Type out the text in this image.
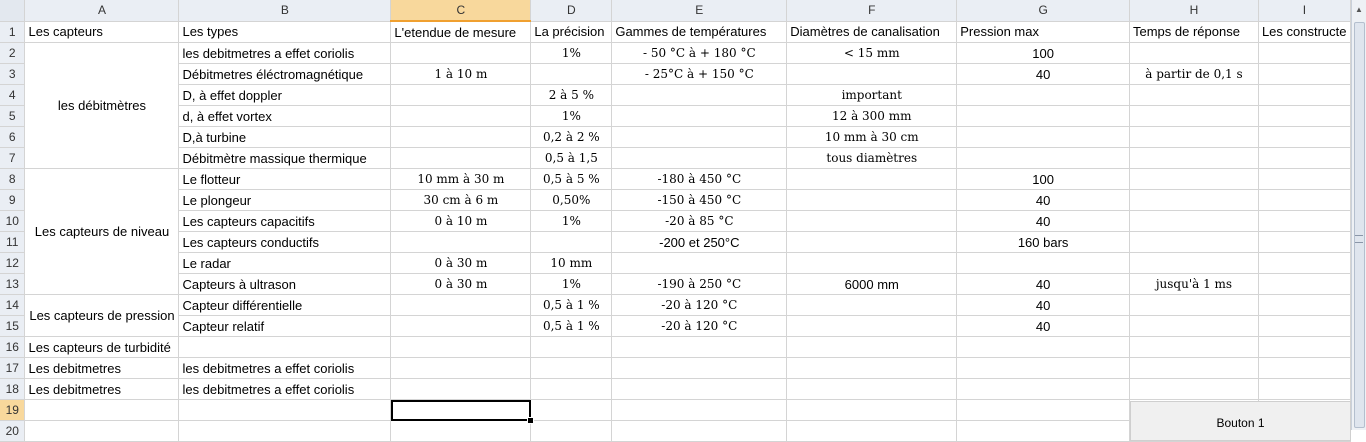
	A	B	C	D	E	F	G	H	I
1	Les capteurs	Les types	L'etendue de mesure	La précision	Gammes de températures	Diamètres de canalisation	Pression max	Temps de réponse	Les constructe
2	les débitmètres	les debitmetres a effet coriolis		1%	- 50 °C à + 180 °C	< 15 mm	100		
3		Débitmetres éléctromagnétique	1 à 10 m		- 25°C à + 150 °C		40	à partir de 0,1 s	
4		D, à effet doppler		2 à 5 %		important			
5		d, à effet vortex		1%		12 à 300 mm			
6		D,à turbine		0,2 à 2 %		10 mm à 30 cm			
7		Débitmètre massique thermique		0,5 à 1,5		tous diamètres			
8	Les capteurs de niveau	Le flotteur	10 mm à 30 m	0,5 à 5 %	-180 à 450 °C		100		
9		Le plongeur	30 cm à 6 m	0,50%	-150 à 450 °C		40		
10		Les capteurs capacitifs	0 à 10 m	1%	-20 à 85 °C		40		
11		Les capteurs conductifs			-200 et 250°C		160 bars		
12		Le radar	0 à 30 m	10 mm					
13		Capteurs à ultrason	0 à 30 m	1%	-190 à 250 °C	6000 mm	40	jusqu'à 1 ms	
14	Les capteurs de pression	Capteur différentielle		0,5 à 1 %	-20 à 120 °C		40		
15		Capteur relatif		0,5 à 1 %	-20 à 120 °C		40		
16	Les capteurs de turbidité								
17	Les debitmetres	les debitmetres a effet coriolis							
18	Les debitmetres	les debitmetres a effet coriolis							
19									
20									
Bouton 1
▲
